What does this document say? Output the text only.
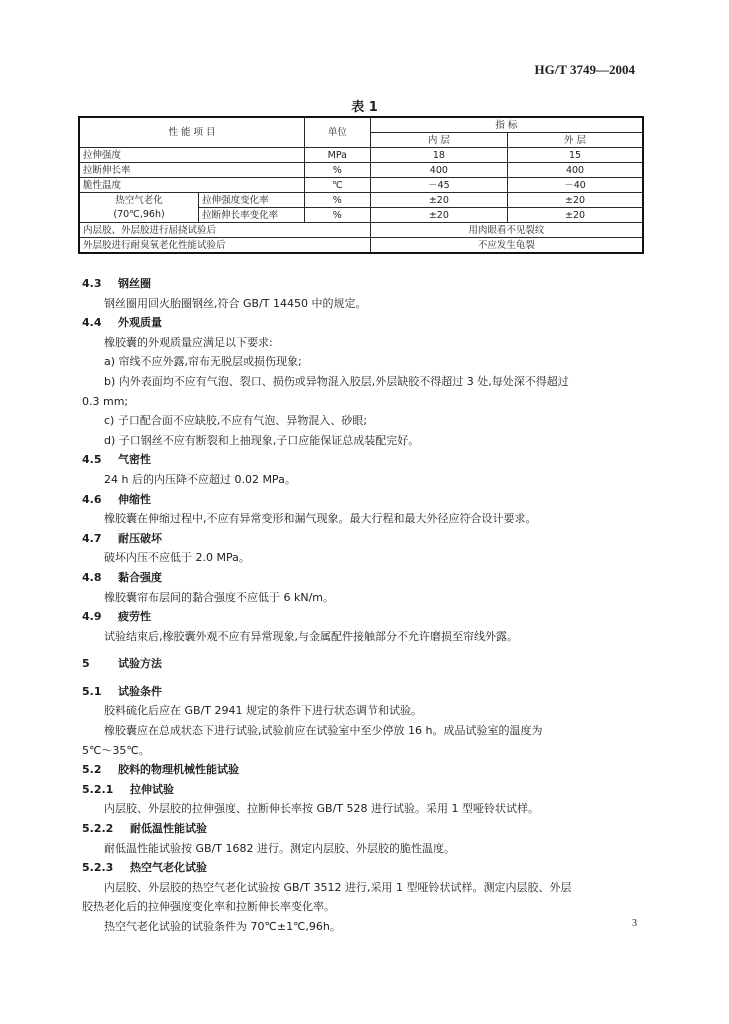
HG/T 3749—2004
表 1
性 能 项 目		单位	指 标	
			内 层	外 层
拉伸强度		MPa	18	15
拉断伸长率		%	400	400
脆性温度		℃	－45	－40

热空气老化
(70℃,96h)	拉伸强度变化率	%	±20	±20
	拉断伸长率变化率	%	±20	±20
内层胶、外层胶进行屈挠试验后			用肉眼看不见裂纹	
外层胶进行耐臭氧老化性能试验后			不应发生龟裂	
4.3 钢丝圈
钢丝圈用回火胎圈钢丝,符合 GB/T 14450 中的规定。
4.4 外观质量
橡胶囊的外观质量应满足以下要求:
a) 帘线不应外露,帘布无脱层或损伤现象;
b) 内外表面均不应有气泡、裂口、损伤或异物混入胶层,外层缺胶不得超过 3 处,每处深不得超过
0.3 mm;
c) 子口配合面不应缺胶,不应有气泡、异物混入、砂眼;
d) 子口钢丝不应有断裂和上抽现象,子口应能保证总成装配完好。
4.5 气密性
24 h 后的内压降不应超过 0.02 MPa。
4.6 伸缩性
橡胶囊在伸缩过程中,不应有异常变形和漏气现象。最大行程和最大外径应符合设计要求。
4.7 耐压破坏
破坏内压不应低于 2.0 MPa。
4.8 黏合强度
橡胶囊帘布层间的黏合强度不应低于 6 kN/m。
4.9 疲劳性
试验结束后,橡胶囊外观不应有异常现象,与金属配件接触部分不允许磨损至帘线外露。
5	试验方法
5.1 试验条件
胶料硫化后应在 GB/T 2941 规定的条件下进行状态调节和试验。
橡胶囊应在总成状态下进行试验,试验前应在试验室中至少停放 16 h。成品试验室的温度为
5℃～35℃。
5.2 胶料的物理机械性能试验
5.2.1 拉伸试验
内层胶、外层胶的拉伸强度、拉断伸长率按 GB/T 528 进行试验。采用 1 型哑铃状试样。
5.2.2 耐低温性能试验
耐低温性能试验按 GB/T 1682 进行。测定内层胶、外层胶的脆性温度。
5.2.3 热空气老化试验
内层胶、外层胶的热空气老化试验按 GB/T 3512 进行,采用 1 型哑铃状试样。测定内层胶、外层
胶热老化后的拉伸强度变化率和拉断伸长率变化率。
热空气老化试验的试验条件为 70℃±1℃,96h。	3
